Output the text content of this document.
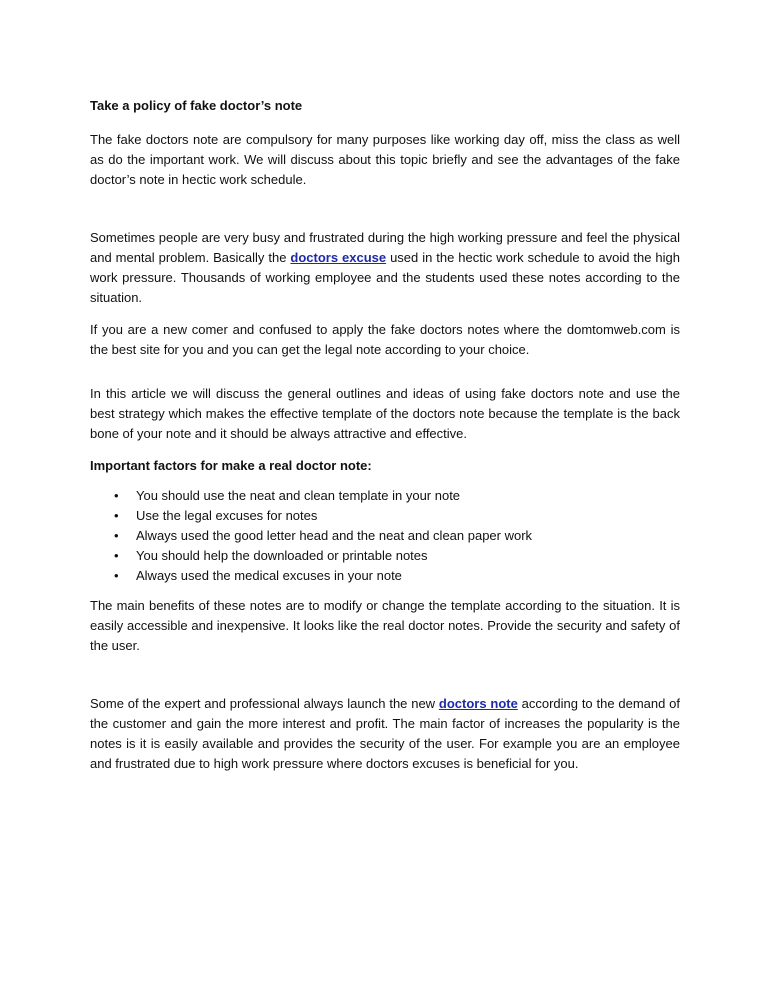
Take a policy of fake doctor’s note

The fake doctors note are compulsory for many purposes like working day off, miss the class as well as do the important work. We will discuss about this topic briefly and see the advantages of the fake doctor’s note in hectic work schedule.

Sometimes people are very busy and frustrated during the high working pressure and feel the physical and mental problem. Basically the doctors excuse used in the hectic work schedule to avoid the high work pressure. Thousands of working employee and the students used these notes according to the situation.

If you are a new comer and confused to apply the fake doctors notes where the domtomweb.com is the best site for you and you can get the legal note according to your choice.

In this article we will discuss the general outlines and ideas of using fake doctors note and use the best strategy which makes the effective template of the doctors note because the template is the back bone of your note and it should be always attractive and effective.

Important factors for make a real doctor note:
•	You should use the neat and clean template in your note
•	Use the legal excuses for notes
•	Always used the good letter head and the neat and clean paper work
•	You should help the downloaded or printable notes
•	Always used the medical excuses in your note

The main benefits of these notes are to modify or change the template according to the situation. It is easily accessible and inexpensive. It looks like the real doctor notes. Provide the security and safety of the user.

Some of the expert and professional always launch the new doctors note according to the demand of the customer and gain the more interest and profit. The main factor of increases the popularity is the notes is it is easily available and provides the security of the user. For example you are an employee and frustrated due to high work pressure where doctors excuses is beneficial for you.
